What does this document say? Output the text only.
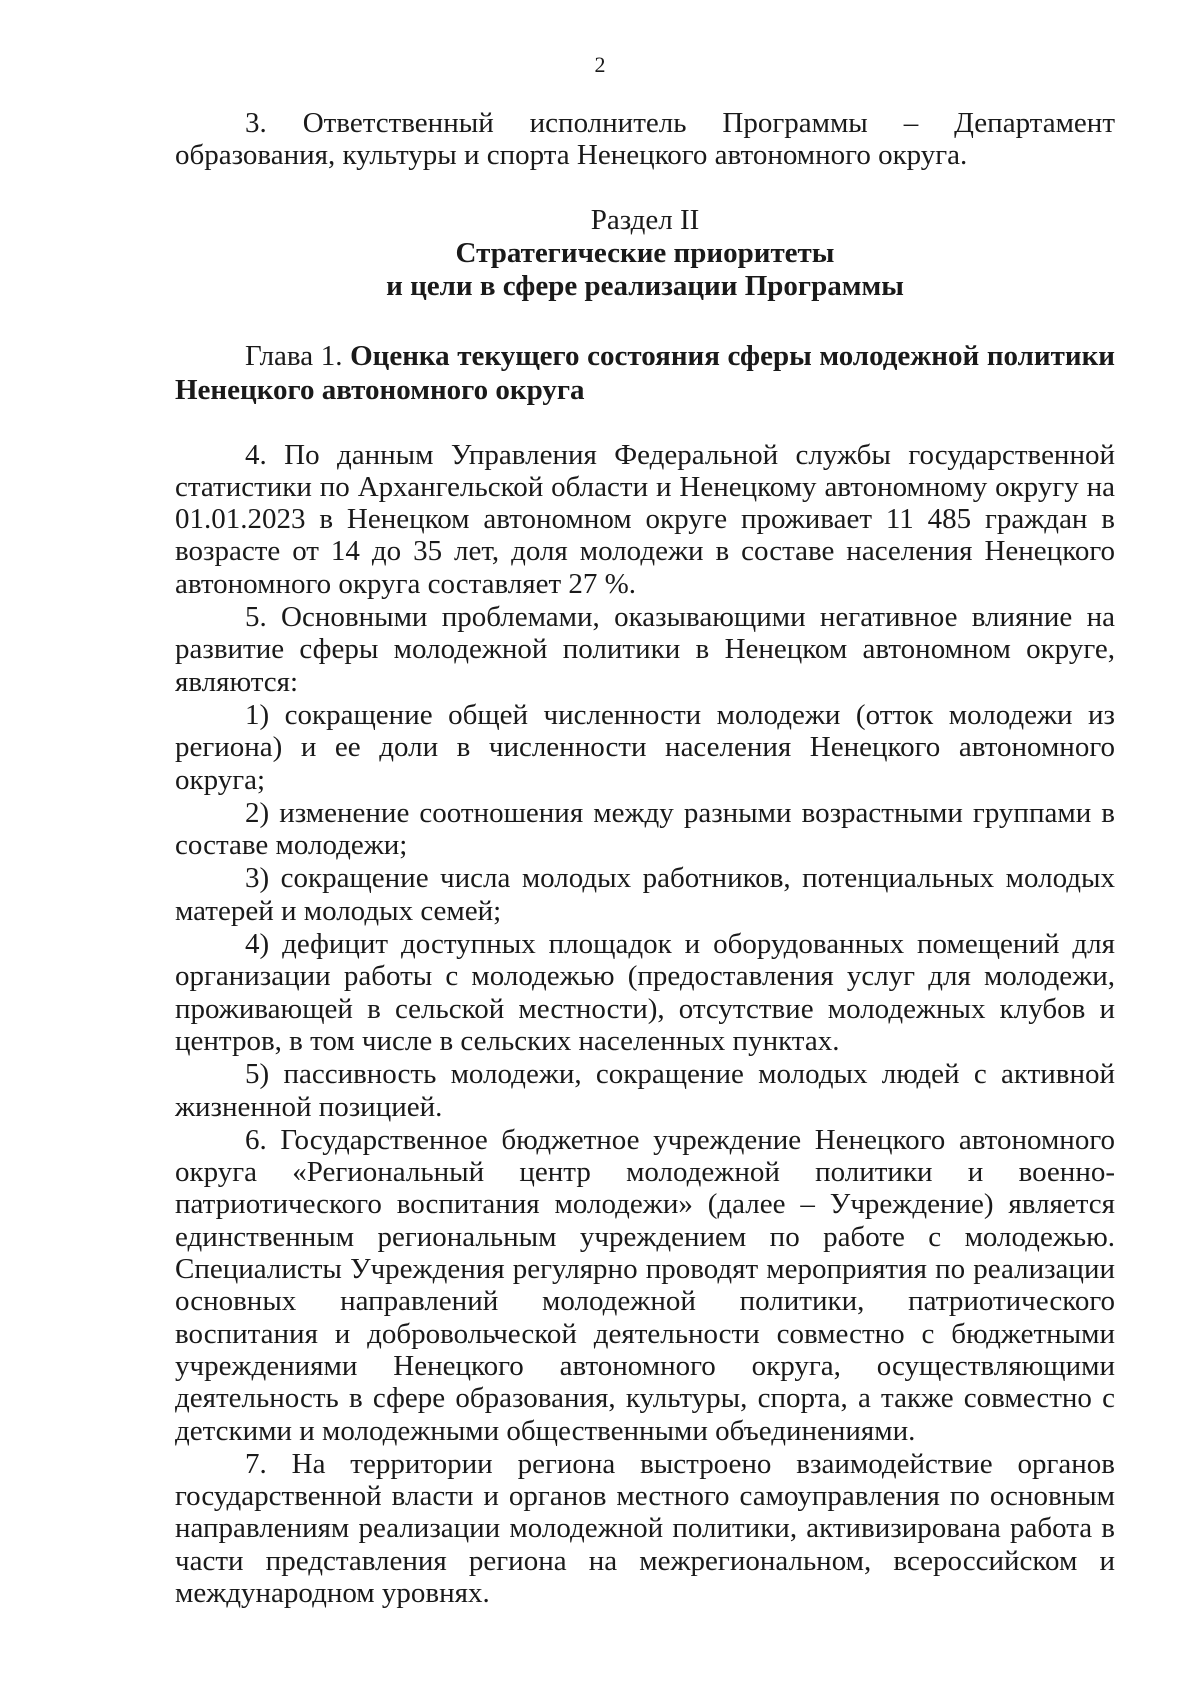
2

3. Ответственный исполнитель Программы – Департамент образования, культуры и спорта Ненецкого автономного округа.

Раздел II
Стратегические приоритеты
и цели в сфере реализации Программы
Глава 1. Оценка текущего состояния сферы молодежной политики Ненецкого автономного округа

4. По данным Управления Федеральной службы государственной статистики по Архангельской области и Ненецкому автономному округу на 01.01.2023 в Ненецком автономном округе проживает 11 485 граждан в возрасте от 14 до 35 лет, доля молодежи в составе населения Ненецкого автономного округа составляет 27 %.

5. Основными проблемами, оказывающими негативное влияние на развитие сферы молодежной политики в Ненецком автономном округе, являются:

1) сокращение общей численности молодежи (отток молодежи из региона) и ее доли в численности населения Ненецкого автономного округа;

2) изменение соотношения между разными возрастными группами в составе молодежи;

3) сокращение числа молодых работников, потенциальных молодых матерей и молодых семей;

4) дефицит доступных площадок и оборудованных помещений для организации работы с молодежью (предоставления услуг для молодежи, проживающей в сельской местности), отсутствие молодежных клубов и центров, в том числе в сельских населенных пунктах.

5) пассивность молодежи, сокращение молодых людей с активной жизненной позицией.

6. Государственное бюджетное учреждение Ненецкого автономного округа «Региональный центр молодежной политики и военно-патриотического воспитания молодежи» (далее – Учреждение) является единственным региональным учреждением по работе с молодежью. Специалисты Учреждения регулярно проводят мероприятия по реализации основных направлений молодежной политики, патриотического воспитания и добровольческой деятельности совместно с бюджетными учреждениями Ненецкого автономного округа, осуществляющими деятельность в сфере образования, культуры, спорта, а также совместно с детскими и молодежными общественными объединениями.

7. На территории региона выстроено взаимодействие органов государственной власти и органов местного самоуправления по основным направлениям реализации молодежной политики, активизирована работа в части представления региона на межрегиональном, всероссийском и международном уровнях.
